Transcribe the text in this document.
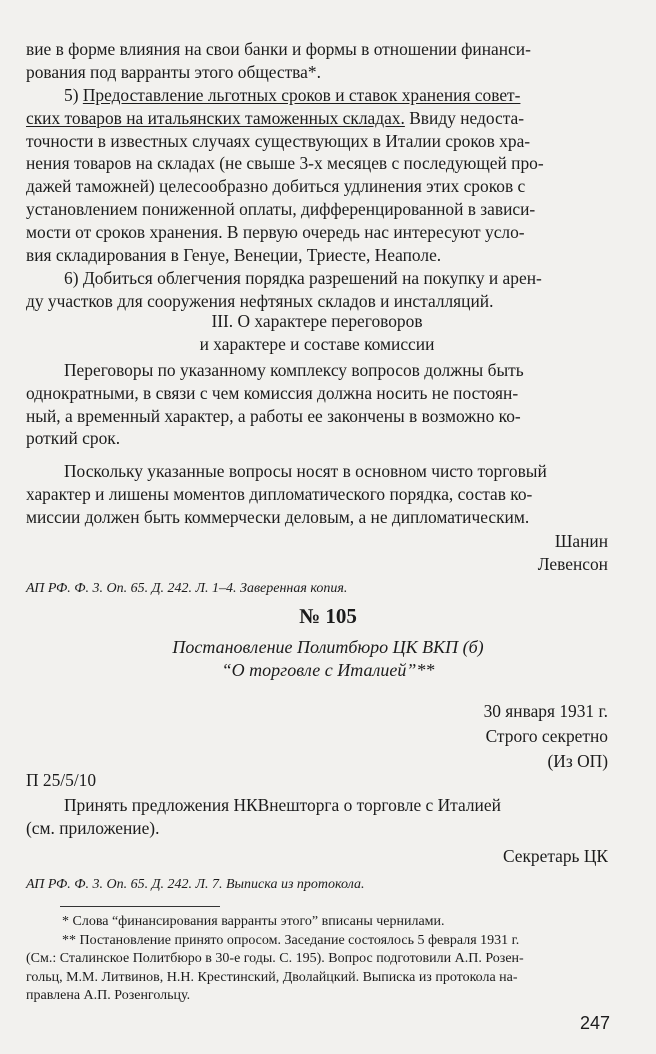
вие в форме влияния на свои банки и формы в отношении финанси-

рования под варранты этого общества*.

5) Предоставление льготных сроков и ставок хранения совет-

ских товаров на итальянских таможенных складах. Ввиду недоста-

точности в известных случаях существующих в Италии сроков хра-

нения товаров на складах (не свыше 3-х месяцев с последующей про-

дажей таможней) целесообразно добиться удлинения этих сроков с

установлением пониженной оплаты, дифференцированной в зависи-

мости от сроков хранения. В первую очередь нас интересуют усло-

вия складирования в Генуе, Венеции, Триесте, Неаполе.

6) Добиться облегчения порядка разрешений на покупку и арен-

ду участков для сооружения нефтяных складов и инсталляций.

III. О характере переговоров

и характере и составе комиссии

Переговоры по указанному комплексу вопросов должны быть

однократными, в связи с чем комиссия должна носить не постоян-

ный, а временный характер, а работы ее закончены в возможно ко-

роткий срок.

Поскольку указанные вопросы носят в основном чисто торговый

характер и лишены моментов дипломатического порядка, состав ко-

миссии должен быть коммерчески деловым, а не дипломатическим.

Шанин

Левенсон

АП РФ. Ф. 3. Оп. 65. Д. 242. Л. 1–4. Заверенная копия.
№ 105
Постановление Политбюро ЦК ВКП (б)
“О торговле с Италией”**

30 января 1931 г.

Строго секретно

(Из ОП)

П 25/5/10

Принять предложения НКВнешторга о торговле с Италией

(см. приложение).

Секретарь ЦК
АП РФ. Ф. 3. Оп. 65. Д. 242. Л. 7. Выписка из протокола.

* Слова “финансирования варранты этого” вписаны чернилами.

** Постановление принято опросом. Заседание состоялось 5 февраля 1931 г.

(См.: Сталинское Политбюро в 30-е годы. С. 195). Вопрос подготовили А.П. Розен-

гольц, М.М. Литвинов, Н.Н. Крестинский, Дволайцкий. Выписка из протокола на-

правлена А.П. Розенгольцу.

247
